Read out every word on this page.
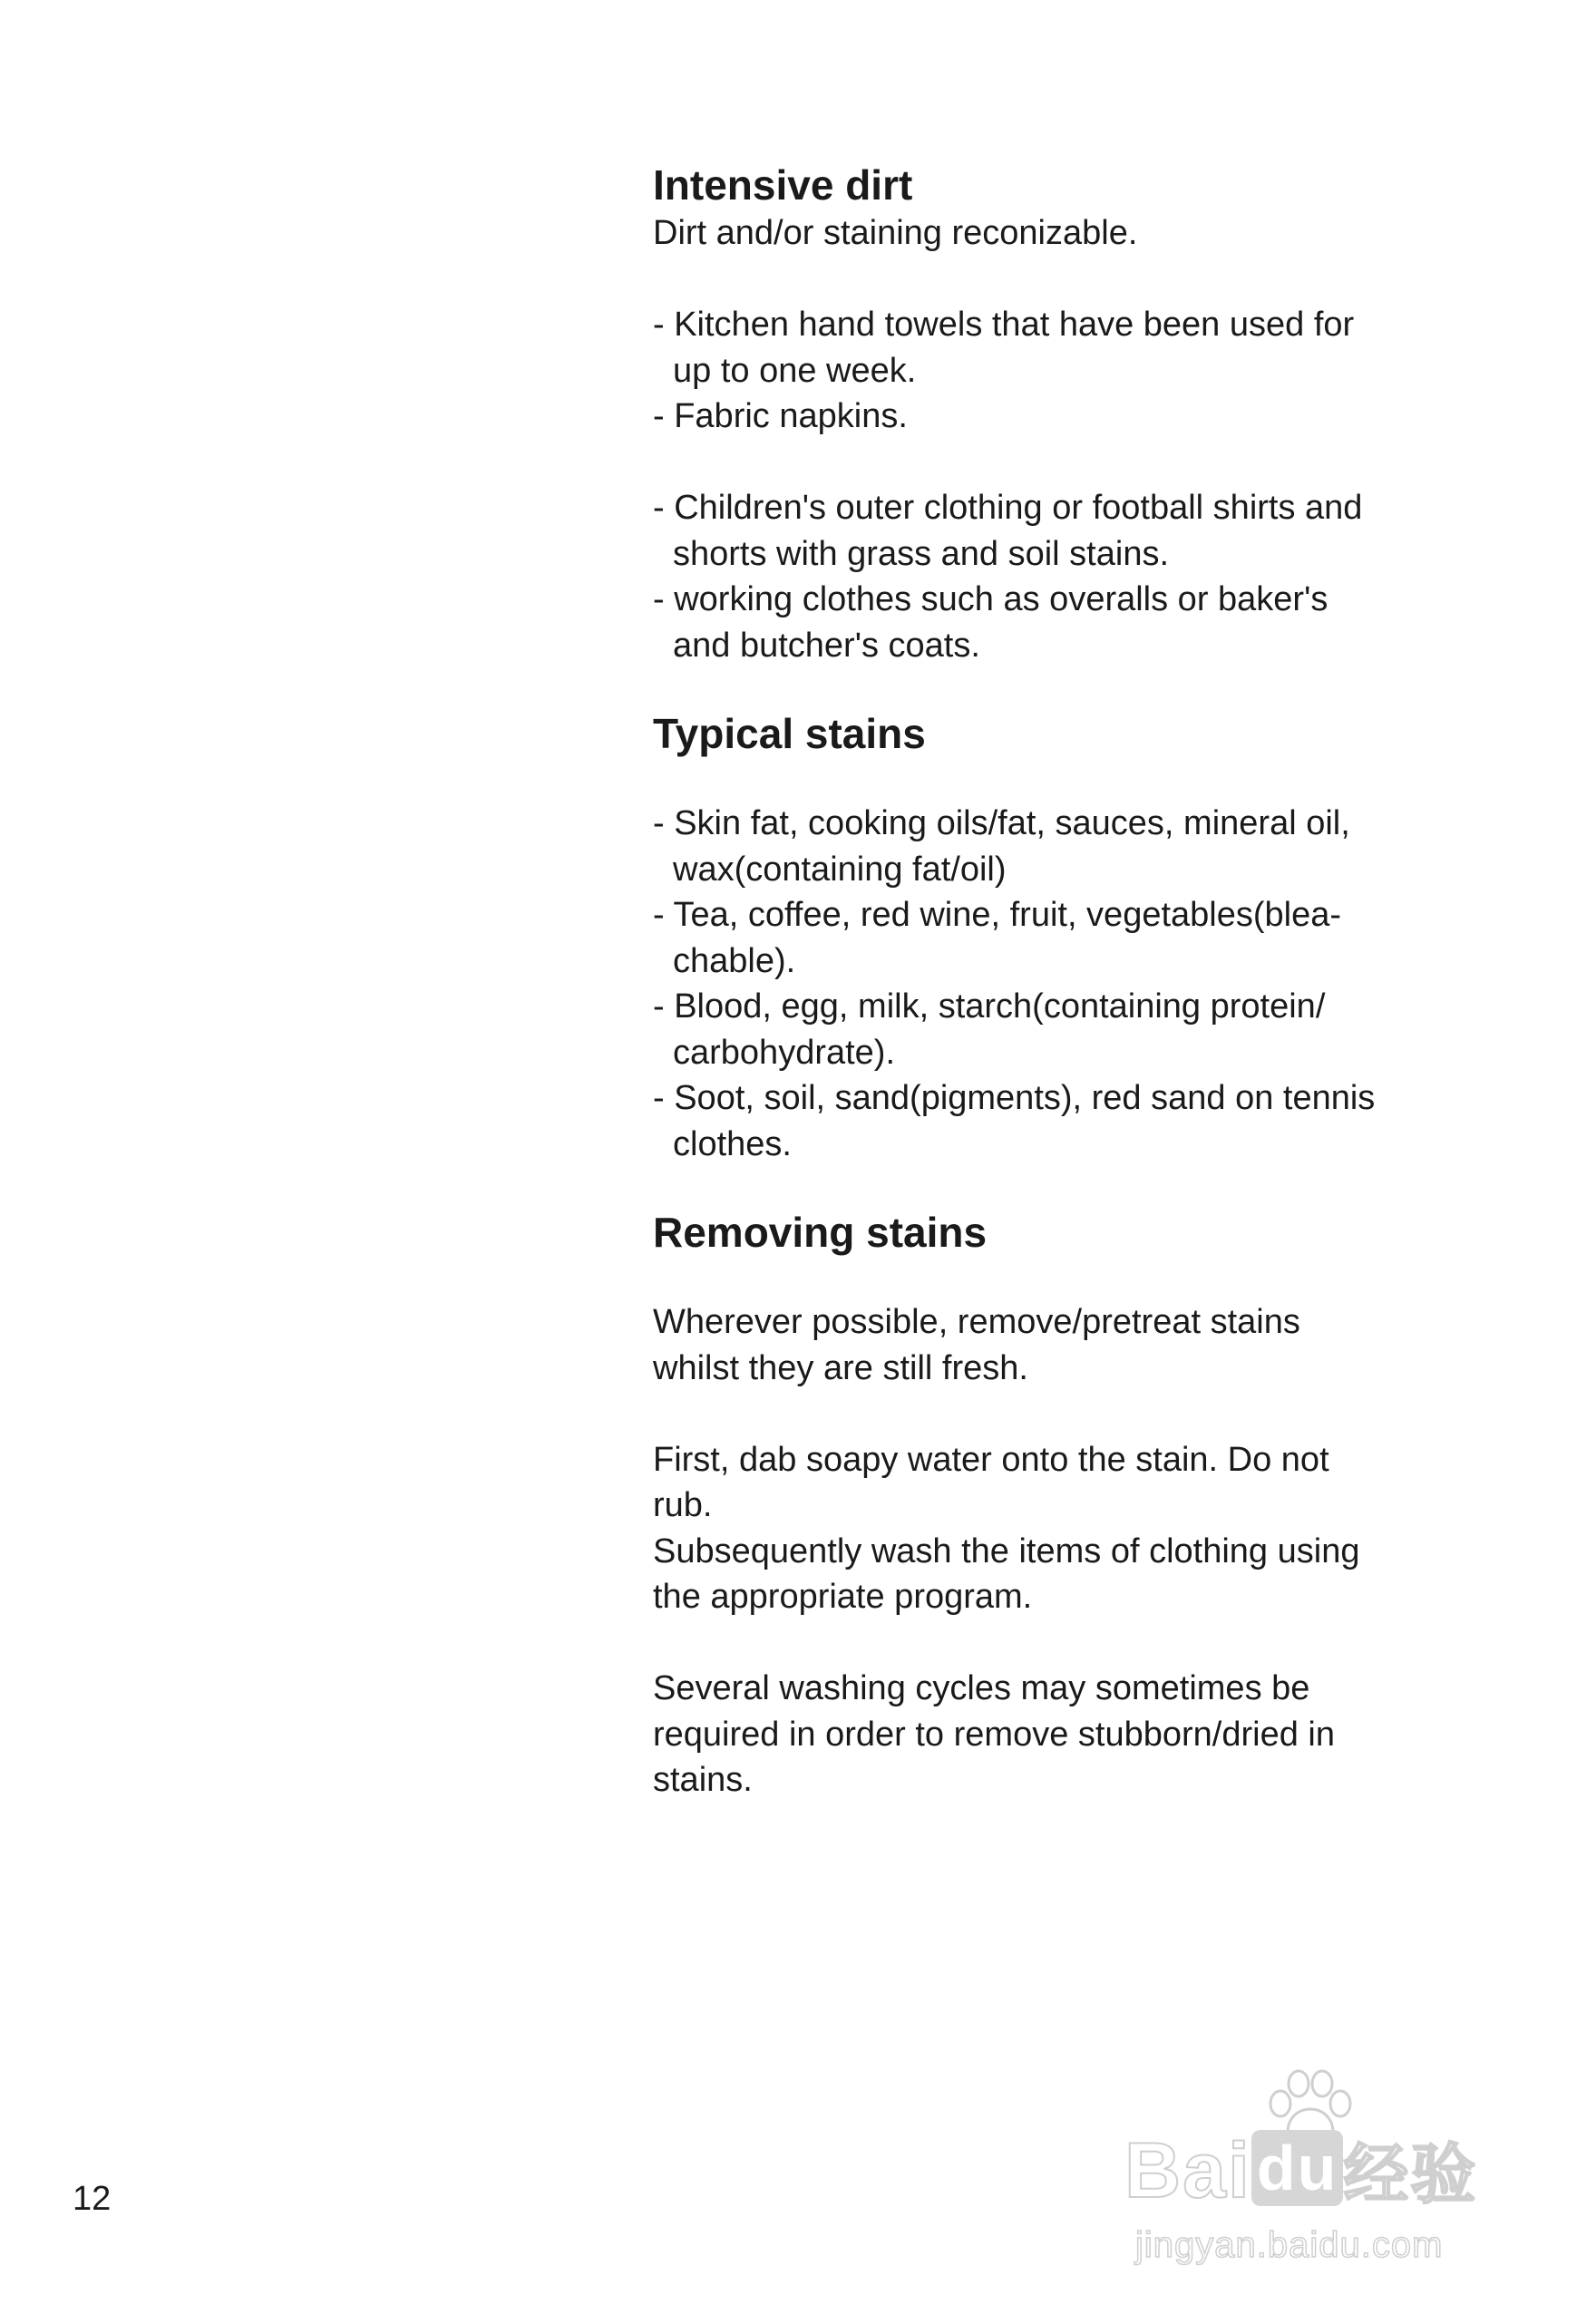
Intensive dirt
Dirt and/or staining reconizable.
- Kitchen hand towels that have been used for
up to one week.
- Fabric napkins.
- Children's outer clothing or football shirts and
shorts with grass and soil stains.
- working clothes such as overalls or baker's
and butcher's coats.
Typical stains
- Skin fat, cooking oils/fat, sauces, mineral oil,
wax(containing fat/oil)
- Tea, coffee, red wine, fruit, vegetables(blea-
chable).
- Blood, egg, milk, starch(containing protein/
carbohydrate).
- Soot, soil, sand(pigments), red sand on tennis
clothes.
Removing stains
Wherever possible, remove/pretreat stains
whilst they are still fresh.
First, dab soapy water onto the stain. Do not
rub.
Subsequently wash the items of clothing using
the appropriate program.
Several washing cycles may sometimes be
required in order to remove stubborn/dried in
stains.
12	Baidu经验
jingyan.baidu.com
